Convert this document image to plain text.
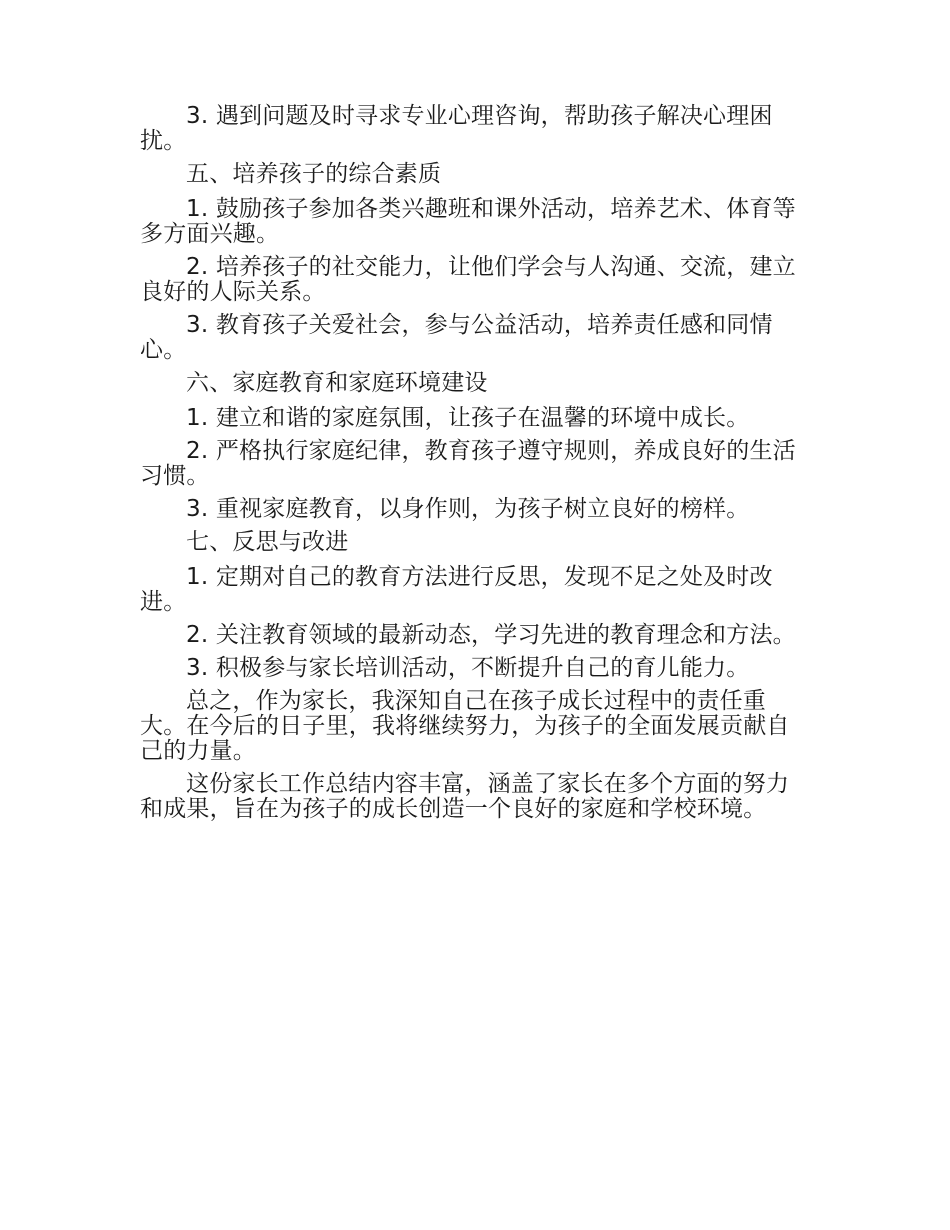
3. 遇到问题及时寻求专业心理咨询，帮助孩子解决心理困扰。

五、培养孩子的综合素质

1. 鼓励孩子参加各类兴趣班和课外活动，培养艺术、体育等多方面兴趣。

2. 培养孩子的社交能力，让他们学会与人沟通、交流，建立良好的人际关系。

3. 教育孩子关爱社会，参与公益活动，培养责任感和同情心。

六、家庭教育和家庭环境建设

1. 建立和谐的家庭氛围，让孩子在温馨的环境中成长。

2. 严格执行家庭纪律，教育孩子遵守规则，养成良好的生活习惯。

3. 重视家庭教育，以身作则，为孩子树立良好的榜样。

七、反思与改进

1. 定期对自己的教育方法进行反思，发现不足之处及时改进。

2. 关注教育领域的最新动态，学习先进的教育理念和方法。

3. 积极参与家长培训活动，不断提升自己的育儿能力。

总之，作为家长，我深知自己在孩子成长过程中的责任重大。在今后的日子里，我将继续努力，为孩子的全面发展贡献自己的力量。

这份家长工作总结内容丰富，涵盖了家长在多个方面的努力和成果，旨在为孩子的成长创造一个良好的家庭和学校环境。
